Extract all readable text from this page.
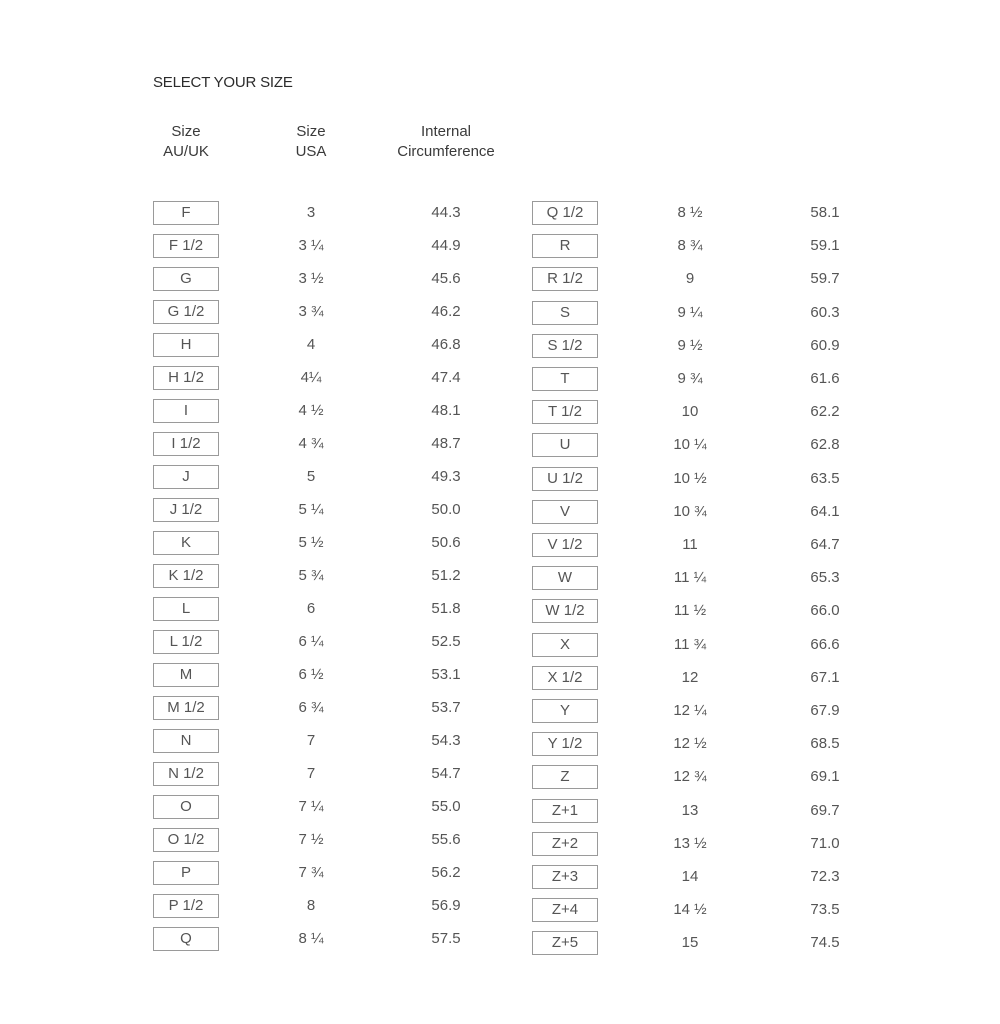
SELECT YOUR SIZE
Size
AU/UK
Size
USA
Internal
Circumference
F	3	44.3
F 1/2	3 ¼	44.9
G	3 ½	45.6
G 1/2	3 ¾	46.2
H	4	46.8
H 1/2	4¼	47.4
I	4 ½	48.1
I 1/2	4 ¾	48.7
J	5	49.3
J 1/2	5 ¼	50.0
K	5 ½	50.6
K 1/2	5 ¾	51.2
L	6	51.8
L 1/2	6 ¼	52.5
M	6 ½	53.1
M 1/2	6 ¾	53.7
N	7	54.3
N 1/2	7	54.7
O	7 ¼	55.0
O 1/2	7 ½	55.6
P	7 ¾	56.2
P 1/2	8	56.9
Q	8 ¼	57.5
Q 1/2	8 ½	58.1
R	8 ¾	59.1
R 1/2	9	59.7
S	9 ¼	60.3
S 1/2	9 ½	60.9
T	9 ¾	61.6
T 1/2	10	62.2
U	10 ¼	62.8
U 1/2	10 ½	63.5
V	10 ¾	64.1
V 1/2	11	64.7
W	11 ¼	65.3
W 1/2	11 ½	66.0
X	11 ¾	66.6
X 1/2	12	67.1
Y	12 ¼	67.9
Y 1/2	12 ½	68.5
Z	12 ¾	69.1
Z+1	13	69.7
Z+2	13 ½	71.0
Z+3	14	72.3
Z+4	14 ½	73.5
Z+5	15	74.5
